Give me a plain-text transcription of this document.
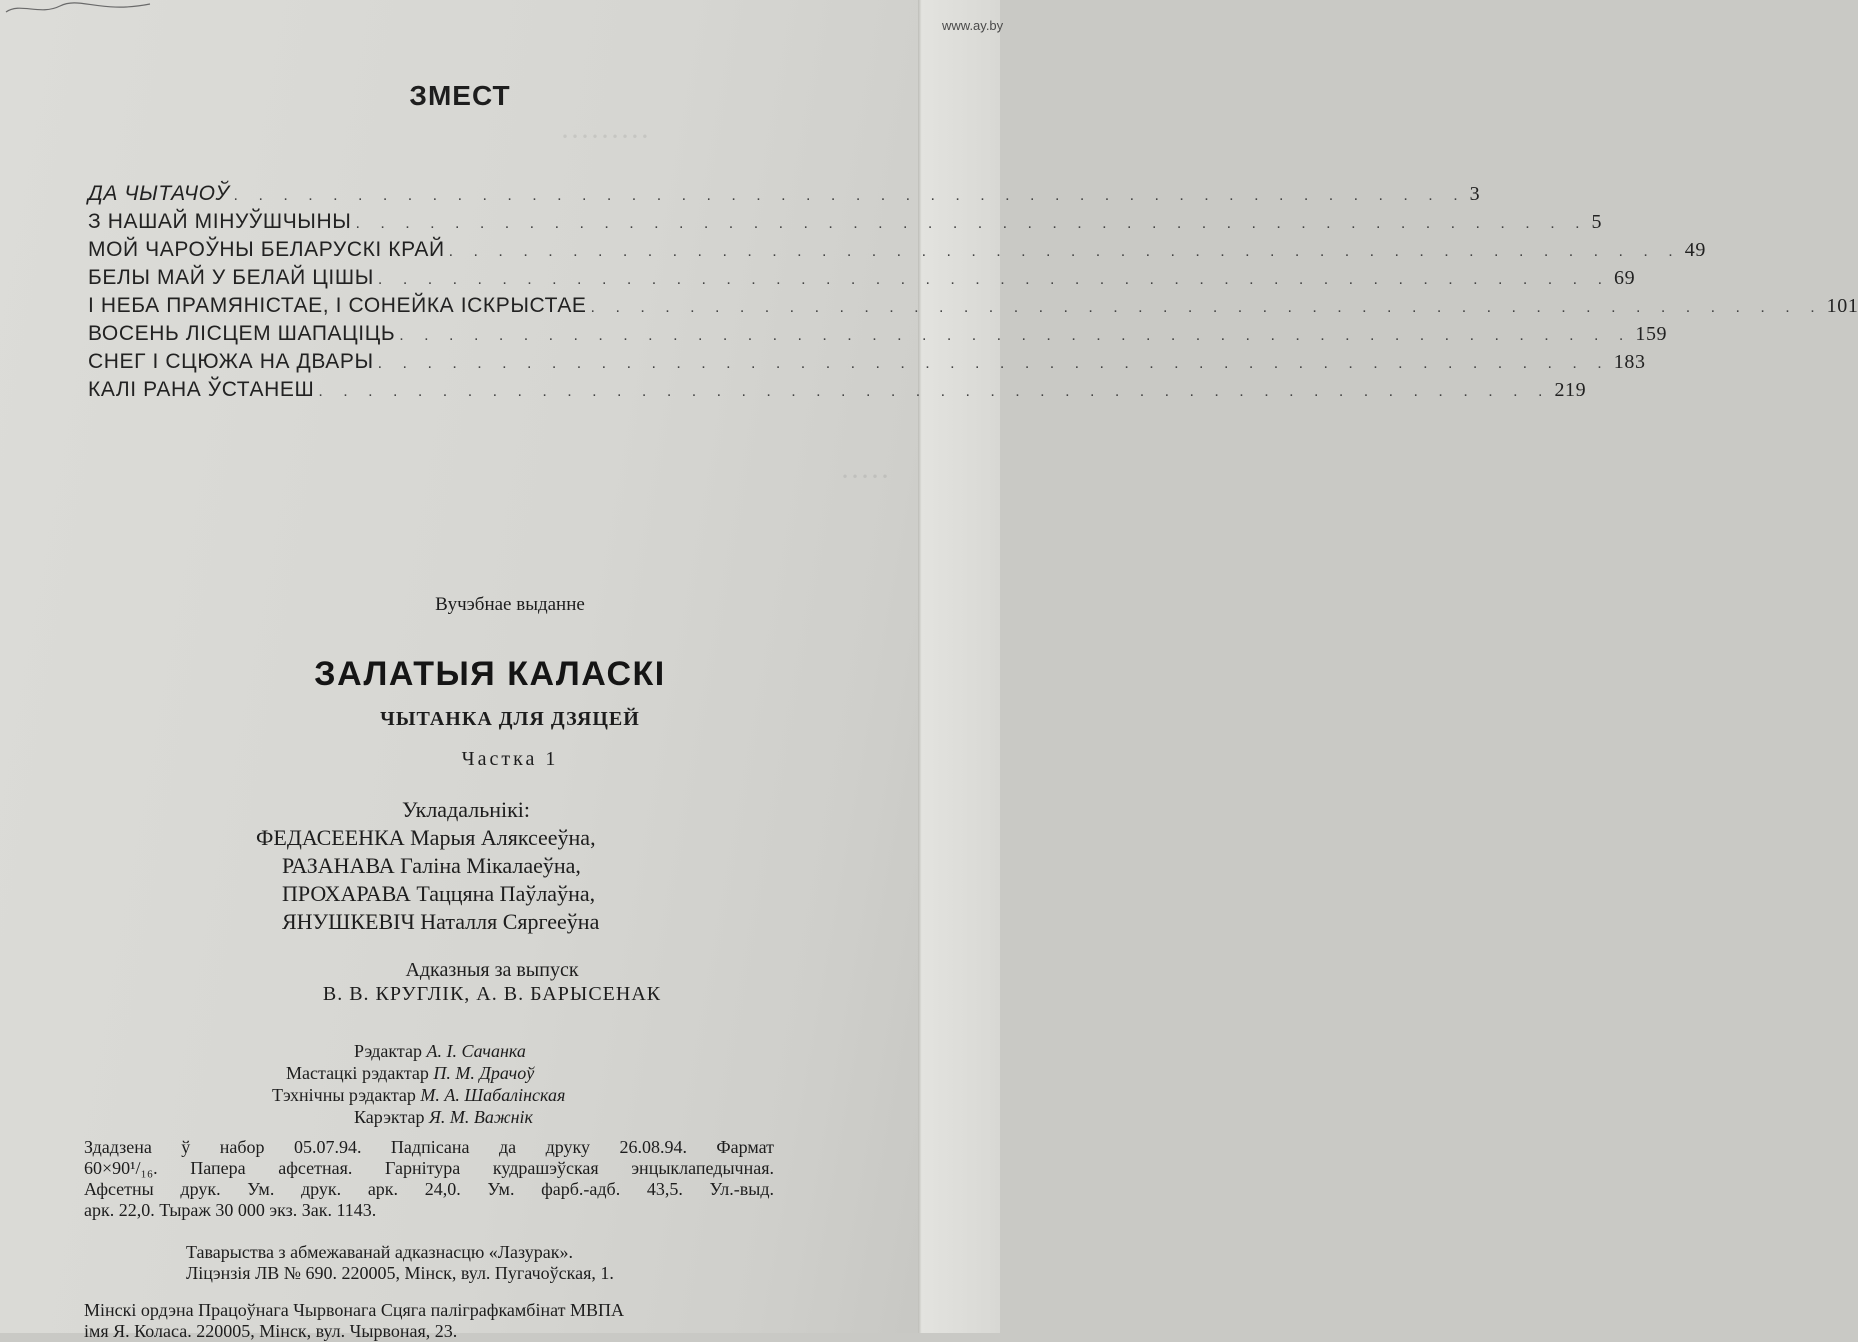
·········
·····
www.ay.by
ЗМЕСТ
ДА ЧЫТАЧОЎ . . . . . . . . . . . . . . . . . . . . . . . . . . . . . . . . . . . . . . . . . . . . . . . . . . 3
З НАШАЙ МІНУЎШЧЫНЫ . . . . . . . . . . . . . . . . . . . . . . . . . . . . . . . . . . . . . . . . . . . . . . . . . . 5
МОЙ ЧАРОЎНЫ БЕЛАРУСКІ КРАЙ . . . . . . . . . . . . . . . . . . . . . . . . . . . . . . . . . . . . . . . . . . . . . . . . . . 49
БЕЛЫ МАЙ У БЕЛАЙ ЦІШЫ . . . . . . . . . . . . . . . . . . . . . . . . . . . . . . . . . . . . . . . . . . . . . . . . . . 69
І НЕБА ПРАМЯНІСТАЕ, І СОНЕЙКА ІСКРЫСТАЕ . . . . . . . . . . . . . . . . . . . . . . . . . . . . . . . . . . . . . . . . . . . . . . . . . . 101
ВОСЕНЬ ЛІСЦЕМ ШАПАЦІЦЬ . . . . . . . . . . . . . . . . . . . . . . . . . . . . . . . . . . . . . . . . . . . . . . . . . . 159
СНЕГ І СЦЮЖА НА ДВАРЫ . . . . . . . . . . . . . . . . . . . . . . . . . . . . . . . . . . . . . . . . . . . . . . . . . . 183
КАЛІ РАНА ЎСТАНЕШ . . . . . . . . . . . . . . . . . . . . . . . . . . . . . . . . . . . . . . . . . . . . . . . . . . 219
Вучэбнае выданне
ЗАЛАТЫЯ КАЛАСКІ
ЧЫТАНКА ДЛЯ ДЗЯЦЕЙ
Частка 1
Укладальнікі:
ФЕДАСЕЕНКА Марыя Аляксееўна,
РАЗАНАВА Галіна Мікалаеўна,
ПРОХАРАВА Таццяна Паўлаўна,
ЯНУШКЕВІЧ Наталля Сяргееўна
Адказныя за выпуск
В. В. КРУГЛІК, А. В. БАРЫСЕНАК
Рэдактар А. І. Сачанка
Мастацкі рэдактар П. М. Драчоў
Тэхнічны рэдактар М. А. Шабалінская
Карэктар Я. М. Важнік
Здадзена ў набор 05.07.94. Падпісана да друку 26.08.94. Фармат
60×90¹/₁₆. Папера афсетная. Гарнітура кудрашэўская энцыклапедычная.
Афсетны друк. Ум. друк. арк. 24,0. Ум. фарб.-адб. 43,5. Ул.-выд.
арк. 22,0. Тыраж 30 000 экз. Зак. 1143.
Таварыства з абмежаванай адказнасцю «Лазурак».
Ліцэнзія ЛВ № 690. 220005, Мінск, вул. Пугачоўская, 1.
Мінскі ордэна Працоўнага Чырвонага Сцяга паліграфкамбінат МВПА
імя Я. Коласа. 220005, Мінск, вул. Чырвоная, 23.
